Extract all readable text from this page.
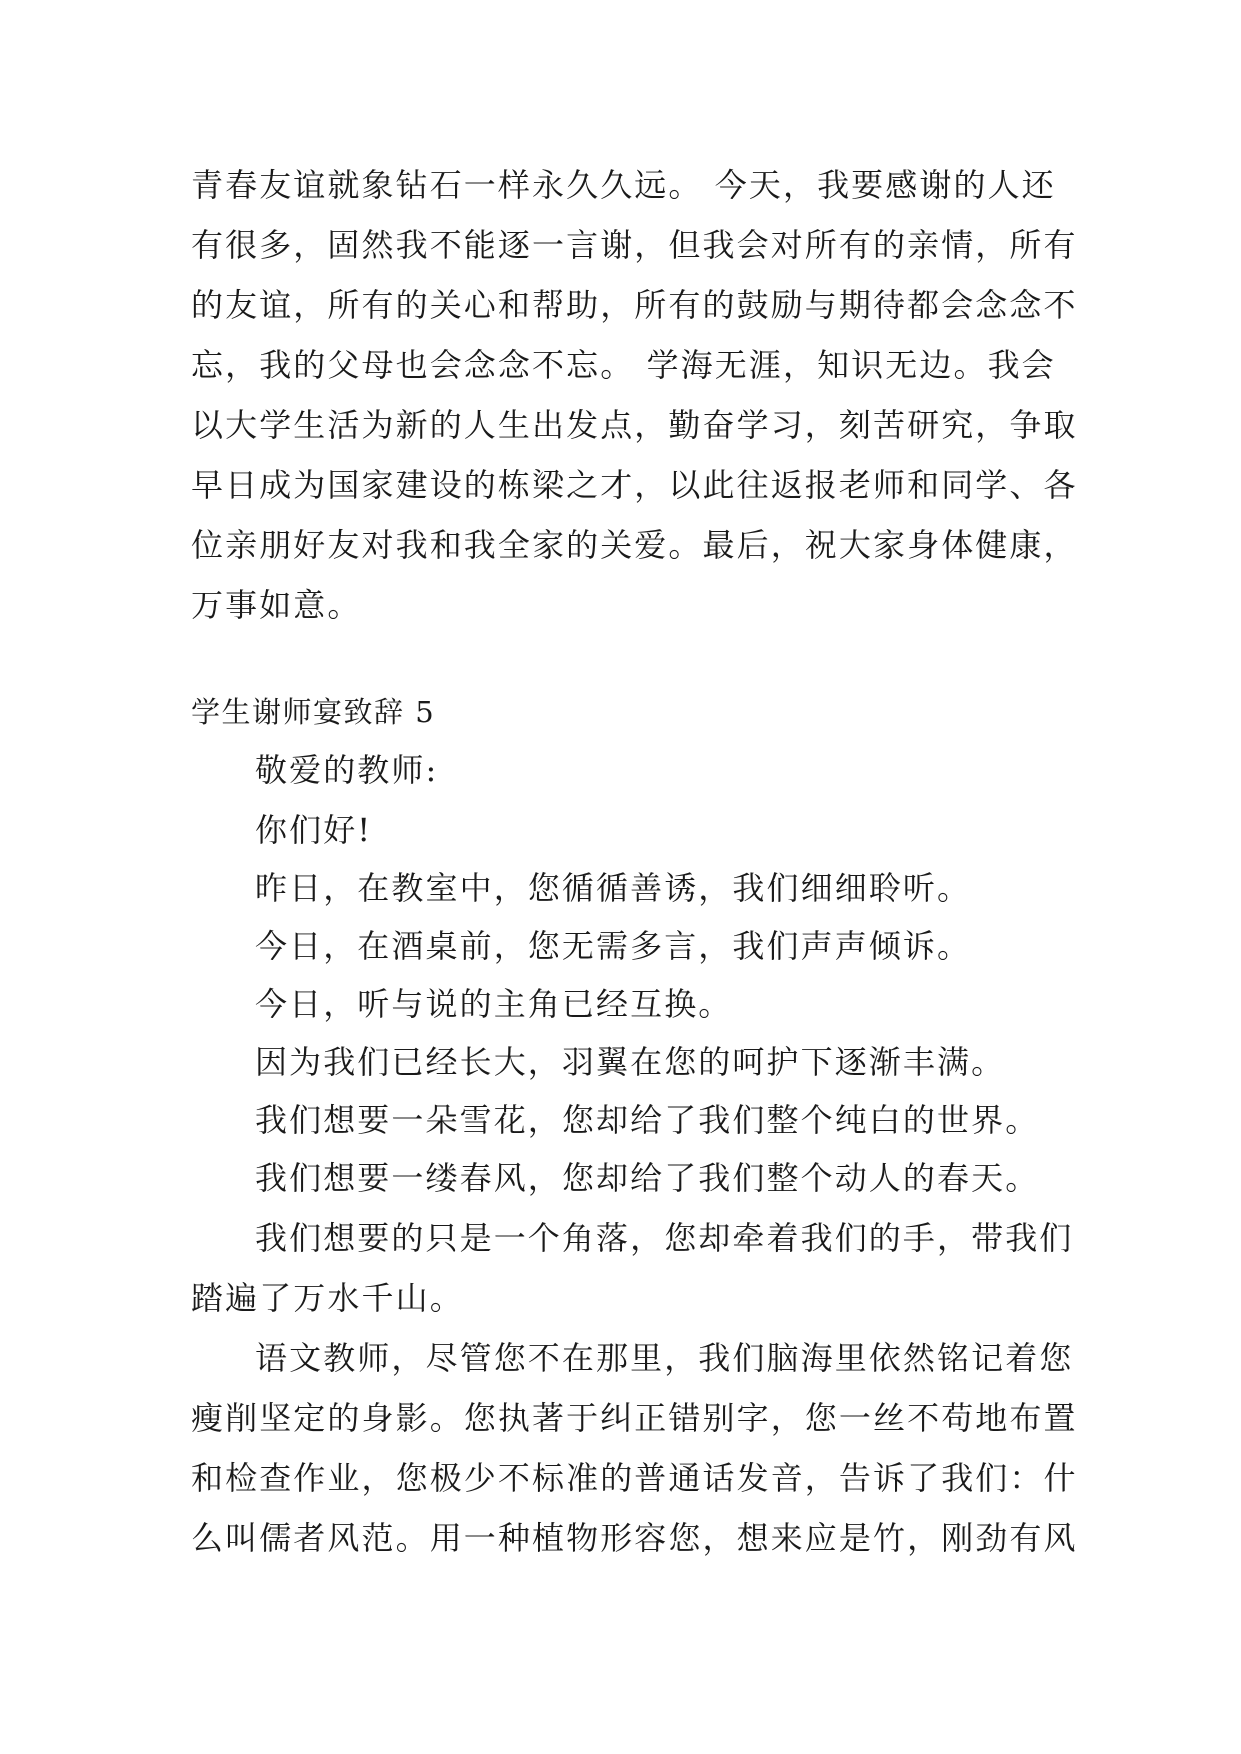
青春友谊就象钻石一样永久久远。 今天，我要感谢的人还
有很多，固然我不能逐一言谢，但我会对所有的亲情，所有
的友谊，所有的关心和帮助，所有的鼓励与期待都会念念不
忘，我的父母也会念念不忘。 学海无涯，知识无边。我会
以大学生活为新的人生出发点，勤奋学习，刻苦研究，争取
早日成为国家建设的栋梁之才，以此往返报老师和同学、各
位亲朋好友对我和我全家的关爱。最后，祝大家身体健康，
万事如意。
学生谢师宴致辞 5
敬爱的教师:
你们好!
昨日，在教室中，您循循善诱，我们细细聆听。
今日，在酒桌前，您无需多言，我们声声倾诉。
今日，听与说的主角已经互换。
因为我们已经长大，羽翼在您的呵护下逐渐丰满。
我们想要一朵雪花，您却给了我们整个纯白的世界。
我们想要一缕春风，您却给了我们整个动人的春天。
我们想要的只是一个角落，您却牵着我们的手，带我们
踏遍了万水千山。
语文教师，尽管您不在那里，我们脑海里依然铭记着您
瘦削坚定的身影。您执著于纠正错别字，您一丝不苟地布置
和检查作业，您极少不标准的普通话发音，告诉了我们：什
么叫儒者风范。用一种植物形容您，想来应是竹，刚劲有风
